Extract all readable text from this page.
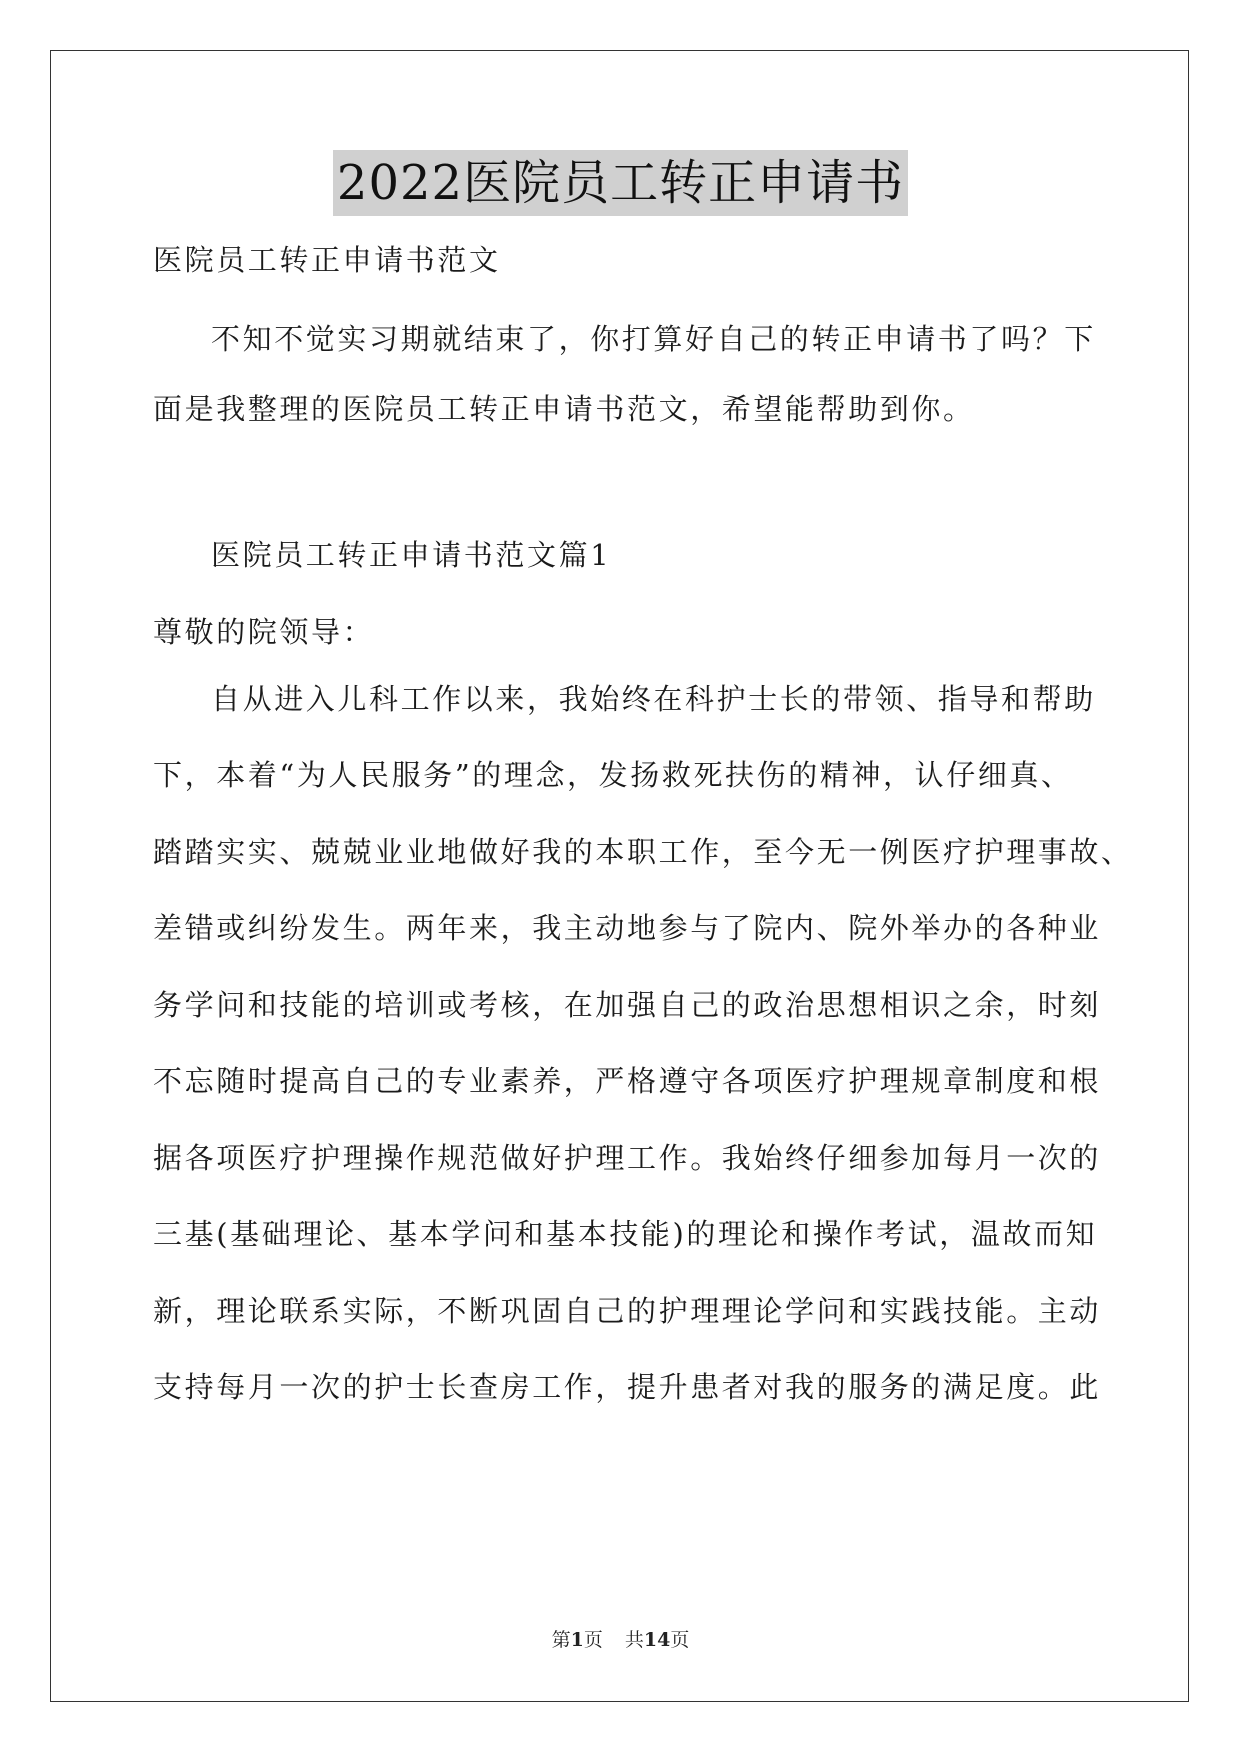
2022医院员工转正申请书
医院员工转正申请书范文
不知不觉实习期就结束了，你打算好自己的转正申请书了吗？下
面是我整理的医院员工转正申请书范文，希望能帮助到你。
医院员工转正申请书范文篇1
尊敬的院领导：
自从进入儿科工作以来，我始终在科护士长的带领、指导和帮助
下，本着“为人民服务”的理念，发扬救死扶伤的精神，认仔细真、
踏踏实实、兢兢业业地做好我的本职工作，至今无一例医疗护理事故、
差错或纠纷发生。两年来，我主动地参与了院内、院外举办的各种业
务学问和技能的培训或考核，在加强自己的政治思想相识之余，时刻
不忘随时提高自己的专业素养，严格遵守各项医疗护理规章制度和根
据各项医疗护理操作规范做好护理工作。我始终仔细参加每月一次的
三基(基础理论、基本学问和基本技能)的理论和操作考试，温故而知
新，理论联系实际，不断巩固自己的护理理论学问和实践技能。主动
支持每月一次的护士长查房工作，提升患者对我的服务的满足度。此
第1页 共14页
